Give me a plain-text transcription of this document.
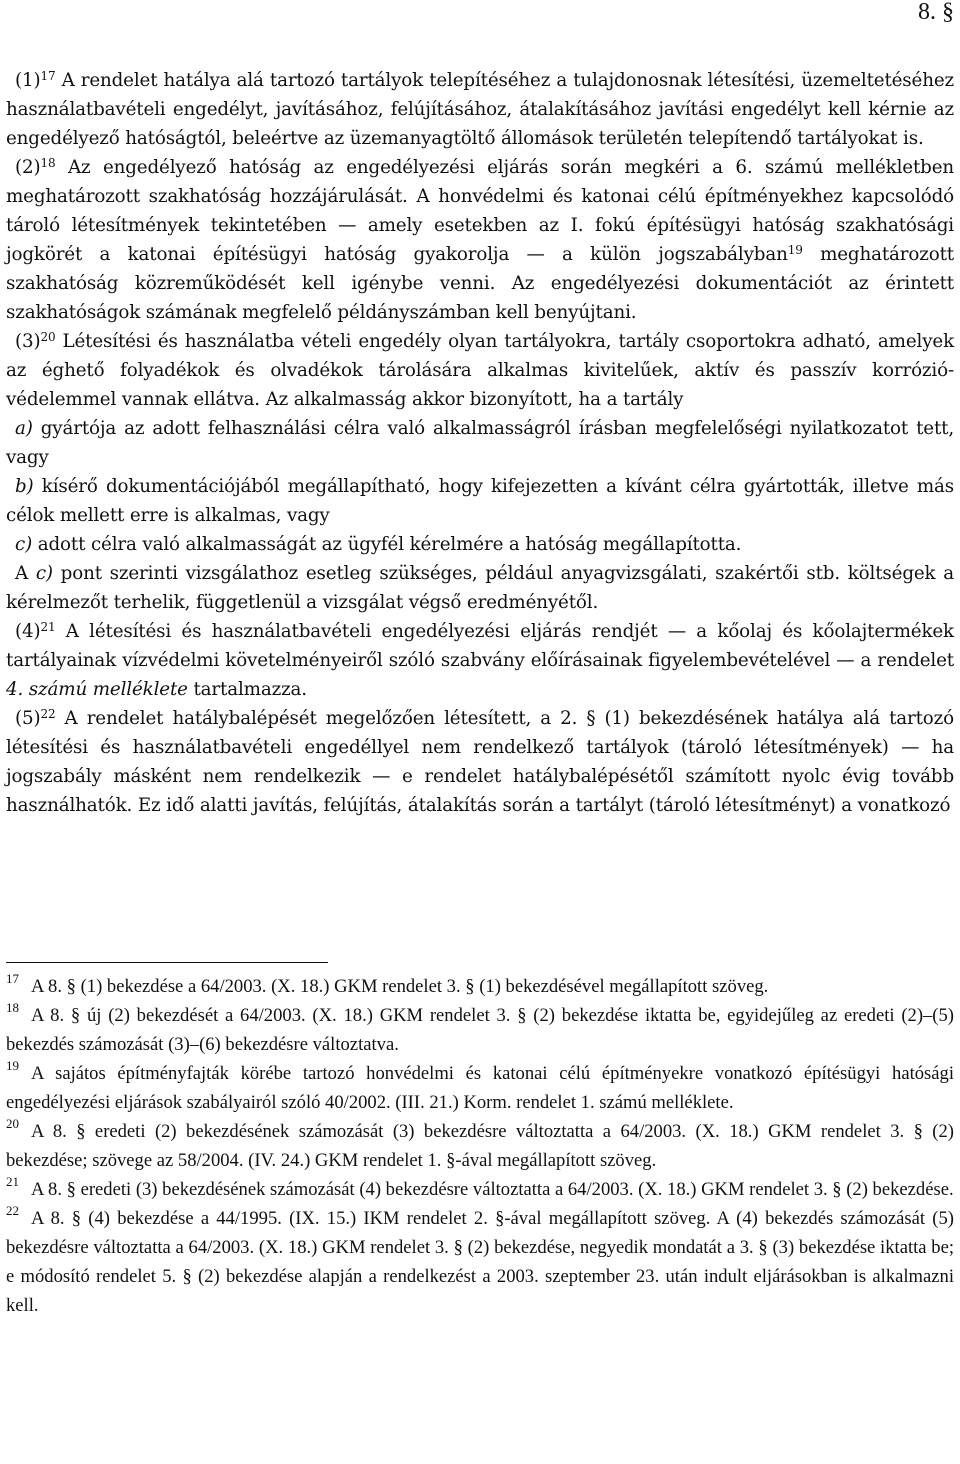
8. §

$(1)^{17}$ A rendelet hatálya alá tartozó tartályok telepítéséhez a tulajdonosnak létesítési, üzemeltetéséhez használatbavételi engedélyt, javításához, felújításához, átalakításához javítási engedélyt kell kérnie az engedélyező hatóságtól, beleértve az üzemanyagtöltő állomások területén telepítendő tartályokat is.

$(2)^{18}$ Az engedélyező hatóság az engedélyezési eljárás során megkéri a 6. számú mellékletben meghatározott szakhatóság hozzájárulását. A honvédelmi és katonai célú építményekhez kapcsolódó tároló létesítmények tekintetében — amely esetekben az I. fokú építésügyi hatóság szakhatósági jogkörét a katonai építésügyi hatóság gyakorolja — a külön jogszabályban$^{19}$ meghatározott szakhatóság közreműködését kell igénybe venni. Az engedélyezési dokumentációt az érintett szakhatóságok számának megfelelő példányszámban kell benyújtani.

$(3)^{20}$ Létesítési és használatba vételi engedély olyan tartályokra, tartály csoportokra adható, amelyek az éghető folyadékok és olvadékok tárolására alkalmas kivitelűek, aktív és passzív korrózió-védelemmel vannak ellátva. Az alkalmasság akkor bizonyított, ha a tartály

a) gyártója az adott felhasználási célra való alkalmasságról írásban megfelelőségi nyilatkozatot tett, vagy

b) kísérő dokumentációjából megállapítható, hogy kifejezetten a kívánt célra gyártották, illetve más célok mellett erre is alkalmas, vagy

c) adott célra való alkalmasságát az ügyfél kérelmére a hatóság megállapította.

A c) pont szerinti vizsgálathoz esetleg szükséges, például anyagvizsgálati, szakértői stb. költségek a kérelmezőt terhelik, függetlenül a vizsgálat végső eredményétől.

$(4)^{21}$ A létesítési és használatbavételi engedélyezési eljárás rendjét — a kőolaj és kőolajtermékek tartályainak vízvédelmi követelményeiről szóló szabvány előírásainak figyelembevételével — a rendelet 4. számú melléklete tartalmazza.

$(5)^{22}$ A rendelet hatálybalépését megelőzően létesített, a 2. § (1) bekezdésének hatálya alá tartozó létesítési és használatbavételi engedéllyel nem rendelkező tartályok (tároló létesítmények) — ha jogszabály másként nem rendelkezik — e rendelet hatálybalépésétől számított nyolc évig tovább használhatók. Ez idő alatti javítás, felújítás, átalakítás során a tartályt (tároló létesítményt) a vonatkozó

$^{17}$ A 8. § (1) bekezdése a 64/2003. (X. 18.) GKM rendelet 3. § (1) bekezdésével megállapított szöveg.

$^{18}$ A 8. § új (2) bekezdését a 64/2003. (X. 18.) GKM rendelet 3. § (2) bekezdése iktatta be, egyidejűleg az eredeti (2)–(5) bekezdés számozását (3)–(6) bekezdésre változtatva.

$^{19}$ A sajátos építményfajták körébe tartozó honvédelmi és katonai célú építményekre vonatkozó építésügyi hatósági engedélyezési eljárások szabályairól szóló 40/2002. (III. 21.) Korm. rendelet 1. számú melléklete.

$^{20}$ A 8. § eredeti (2) bekezdésének számozását (3) bekezdésre változtatta a 64/2003. (X. 18.) GKM rendelet 3. § (2) bekezdése; szövege az 58/2004. (IV. 24.) GKM rendelet 1. §-ával megállapított szöveg.

$^{21}$ A 8. § eredeti (3) bekezdésének számozását (4) bekezdésre változtatta a 64/2003. (X. 18.) GKM rendelet 3. § (2) bekezdése.

$^{22}$ A 8. § (4) bekezdése a 44/1995. (IX. 15.) IKM rendelet 2. §-ával megállapított szöveg. A (4) bekezdés számozását (5) bekezdésre változtatta a 64/2003. (X. 18.) GKM rendelet 3. § (2) bekezdése, negyedik mondatát a 3. § (3) bekezdése iktatta be; e módosító rendelet 5. § (2) bekezdése alapján a rendelkezést a 2003. szeptember 23. után indult eljárásokban is alkalmazni kell.
